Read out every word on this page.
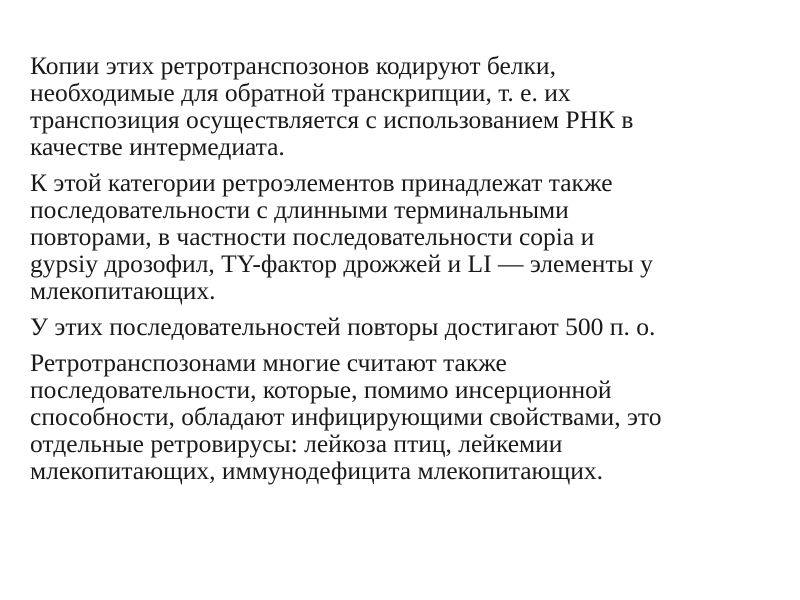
Копии этих ретротранспозонов кодируют белки,
необходимые для обратной транскрипции, т. е. их
транспозиция осуществляется с использованием РНК в
качестве интермедиата.

К этой категории ретроэлементов принадлежат также
последовательности с длинными терминальными
повторами, в частности последовательности copia и
gypsiy дрозофил, TY-фактор дрожжей и LI — элементы у
млекопитающих.

У этих последовательностей повторы достигают 500 п. о.

Ретротранспозонами многие считают также
последовательности, которые, помимо инсерционной
способности, обладают инфицирующими свойствами, это
отдельные ретровирусы: лейкоза птиц, лейкемии
млекопитающих, иммунодефицита млекопитающих.
